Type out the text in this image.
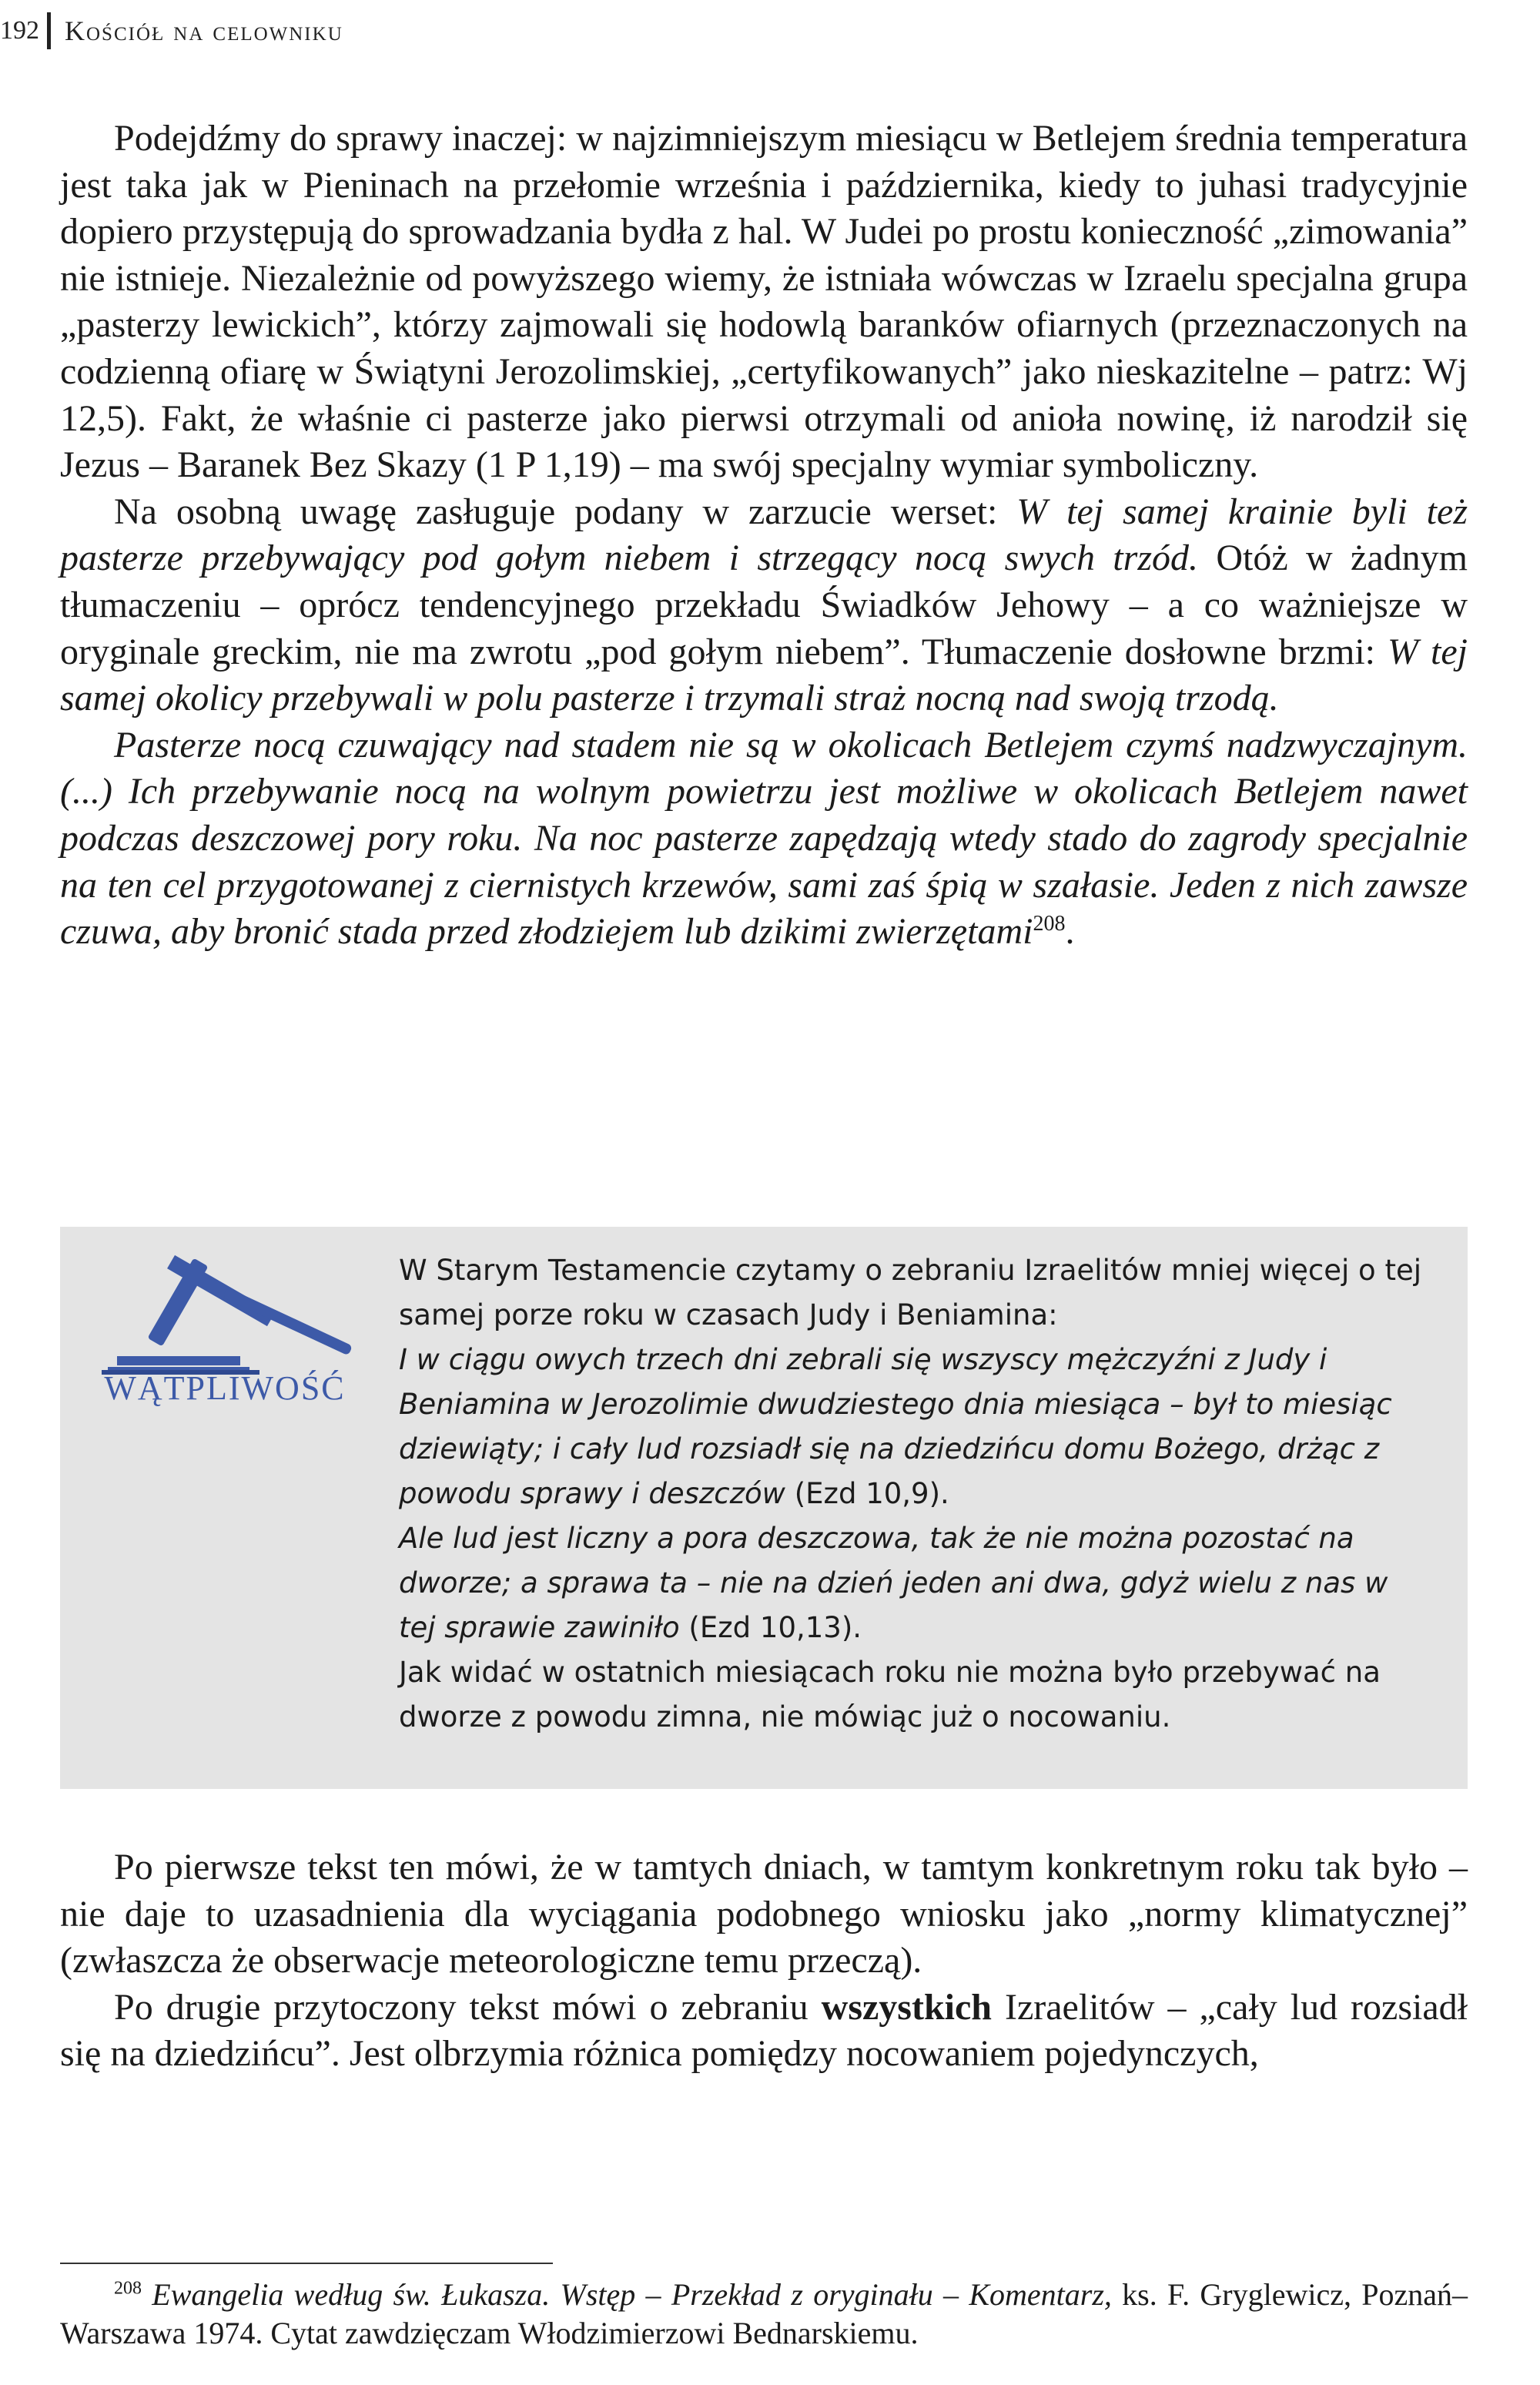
192 Kościół na celowniku

Podejdźmy do sprawy inaczej: w najzimniejszym miesiącu w Betlejem średnia temperatura jest taka jak w Pieninach na przełomie września i października, kiedy to juhasi tradycyjnie dopiero przystępują do sprowadzania bydła z hal. W Judei po prostu konieczność „zimowania” nie istnieje. Niezależnie od powyższego wiemy, że istniała wówczas w Izraelu specjalna grupa „pasterzy lewickich”, którzy zajmowali się hodowlą baranków ofiarnych (przeznaczonych na codzienną ofiarę w Świątyni Jerozolimskiej, „certyfikowanych” jako nieskazitelne – patrz: Wj 12,5). Fakt, że właśnie ci pasterze jako pierwsi otrzymali od anioła nowinę, iż narodził się Jezus – Baranek Bez Skazy (1 P 1,19) – ma swój specjalny wymiar symboliczny.

Na osobną uwagę zasługuje podany w zarzucie werset: W tej samej krainie byli też pasterze przebywający pod gołym niebem i strzegący nocą swych trzód. Otóż w żadnym tłumaczeniu – oprócz tendencyjnego przekładu Świadków Jehowy – a co ważniejsze w oryginale greckim, nie ma zwrotu „pod gołym niebem”. Tłumaczenie dosłowne brzmi: W tej samej okolicy przebywali w polu pasterze i trzymali straż nocną nad swoją trzodą.

Pasterze nocą czuwający nad stadem nie są w okolicach Betlejem czymś nadzwyczajnym. (...) Ich przebywanie nocą na wolnym powietrzu jest możliwe w okolicach Betlejem nawet podczas deszczowej pory roku. Na noc pasterze zapędzają wtedy stado do zagrody specjalnie na ten cel przygotowanej z ciernistych krzewów, sami zaś śpią w szałasie. Jeden z nich zawsze czuwa, aby bronić stada przed złodziejem lub dzikimi zwierzętami$^{208}$.

WĄTPLIWOŚĆ

W Starym Testamencie czytamy o zebraniu Izraelitów mniej więcej o tej samej porze roku w czasach Judy i Beniamina:

I w ciągu owych trzech dni zebrali się wszyscy mężczyźni z Judy i Beniamina w Jerozolimie dwudziestego dnia miesiąca – był to miesiąc dziewiąty; i cały lud rozsiadł się na dziedzińcu domu Bożego, drżąc z powodu sprawy i deszczów (Ezd 10,9).

Ale lud jest liczny a pora deszczowa, tak że nie można pozostać na dworze; a sprawa ta – nie na dzień jeden ani dwa, gdyż wielu z nas w tej sprawie zawiniło (Ezd 10,13).

Jak widać w ostatnich miesiącach roku nie można było przebywać na dworze z powodu zimna, nie mówiąc już o nocowaniu.

Po pierwsze tekst ten mówi, że w tamtych dniach, w tamtym konkretnym roku tak było – nie daje to uzasadnienia dla wyciągania podobnego wniosku jako „normy klimatycznej” (zwłaszcza że obserwacje meteorologiczne temu przeczą).

Po drugie przytoczony tekst mówi o zebraniu wszystkich Izraelitów – „cały lud rozsiadł się na dziedzińcu”. Jest olbrzymia różnica pomiędzy nocowaniem pojedynczych,

$^{208}$ Ewangelia według św. Łukasza. Wstęp – Przekład z oryginału – Komentarz, ks. F. Gryglewicz, Poznań–Warszawa 1974. Cytat zawdzięczam Włodzimierzowi Bednarskiemu.
